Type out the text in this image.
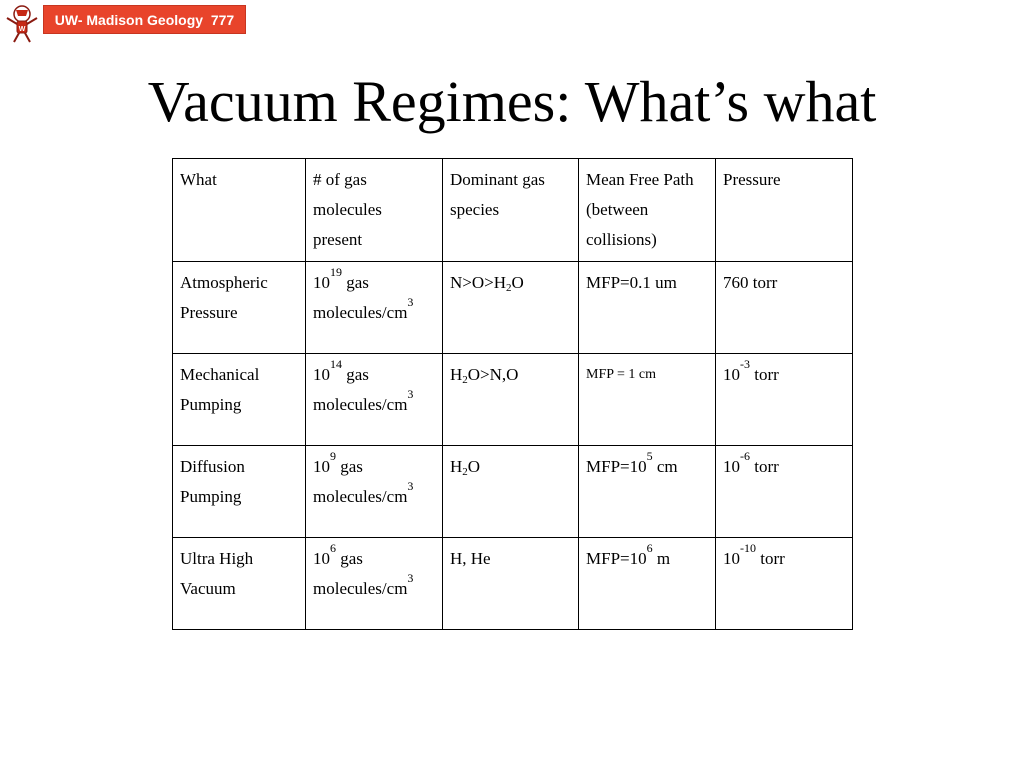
W
UW- Madison Geology  777
Vacuum Regimes: What’s what
What	# of gas molecules present	Dominant gas species	Mean Free Path (between collisions)	Pressure
Atmospheric Pressure	$10^{19}$ gas molecules/$cm^3$	$N>O>H_2O$	MFP=0.1 um	760 torr
Mechanical Pumping	$10^{14}$ gas molecules/$cm^3$	$H_2O>N,O$	MFP = 1 cm	$10^{-3}$ torr
Diffusion Pumping	$10^9$ gas molecules/$cm^3$	$H_2O$	$MFP=10^5$ cm	$10^{-6}$ torr
Ultra High Vacuum	$10^6$ gas molecules/$cm^3$	H, He	$MFP=10^6$ m	$10^{-10}$ torr
